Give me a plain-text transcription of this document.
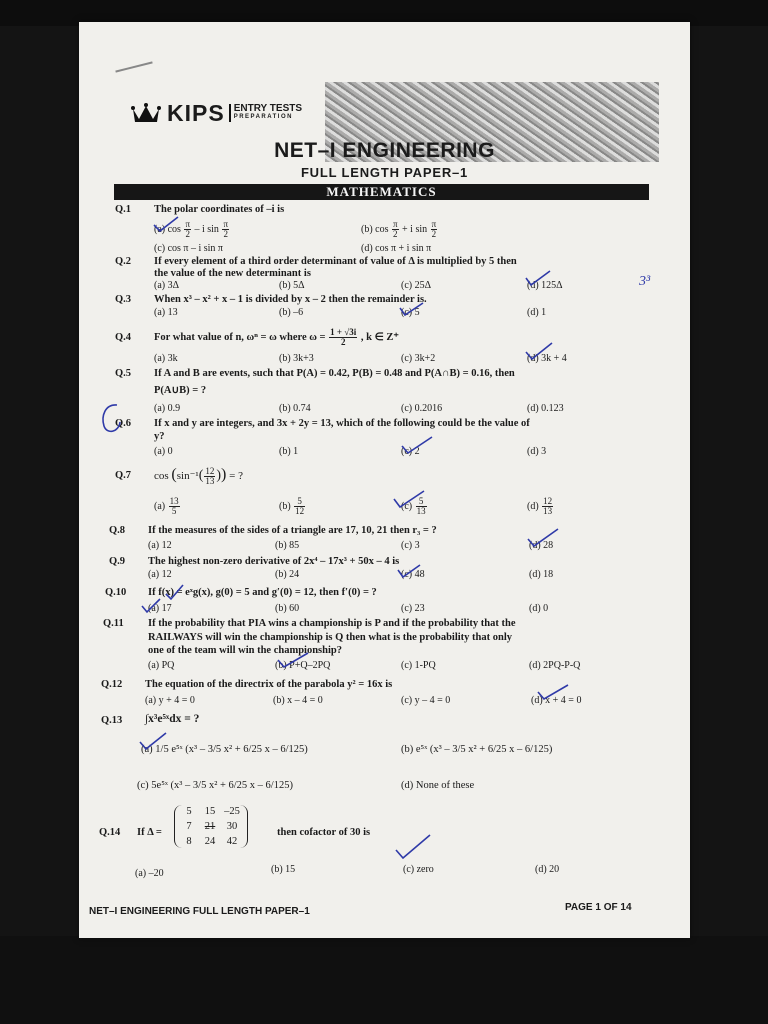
KIPS ENTRY TESTS
PREPARATION
NET–I ENGINEERING
FULL LENGTH PAPER–1
MATHEMATICS
Q.1 The polar coordinates of –i is
(a) $\cos \frac{\pi}{2}$ – i $\sin \frac{\pi}{2}$	(b) $\cos \frac{\pi}{2} + i$ $\sin \frac{\pi}{2}$
(c) cos π – i sin π	(d) cos π + i sin π
Q.2 If every element of a third order determinant of value of Δ is multiplied by 5 then
the value of the new determinant is
(a) 3Δ	(b) 5Δ	(c) 25Δ	(d) 125Δ	3³
Q.3 When x³ – x² + x – 1 is divided by x – 2 then the remainder is.
(a) 13	(b) –6	(c) 5	(d) 1
Q.4 For what value of n, ωⁿ = ω where $\omega = \frac{1 + √3i}{2}$ , k ∈ Z⁺
(a) 3k	(b) 3k+3	(c) 3k+2	(d) 3k + 4
Q.5 If A and B are events, such that P(A) = 0.42, P(B) = 0.48 and P(A∩B) = 0.16, then
P(A∪B) = ?
(a) 0.9	(b) 0.74	(c) 0.2016	(d) 0.123
Q.6 If x and y are integers, and 3x + 2y = 13, which of the following could be the value of
y?
(a) 0	(b) 1	(c) 2	(d) 3
Q.7 $\cos (\sin^{-1}( \frac{12}{13}$ )) = ?
$(a) \frac{13}{5}$	$(b) \frac{5}{12}$	$(c) \frac{5}{13}$	$(d) \frac{12}{13}$
Q.8 If the measures of the sides of a triangle are 17, 10, 21 then r₃ = ?
(a) 12	(b) 85	(c) 3	(d) 28
Q.9 The highest non-zero derivative of 2x⁴ – 17x³ + 50x – 4 is
(a) 12	(b) 24	(c) 48	(d) 18
Q.10 If f(x) = eˣg(x), g(0) = 5 and g′(0) = 12, then f′(0) = ?
(a) 17	(b) 60	(c) 23	(d) 0
Q.11 If the probability that PIA wins a championship is P and if the probability that the
RAILWAYS will win the championship is Q then what is the probability that only
one of the team will win the championship?
(a) PQ	(b) P+Q–2PQ	(c) 1-PQ	(d) 2PQ-P-Q
Q.12 The equation of the directrix of the parabola y² = 16x is
(a) y + 4 = 0	(b) x – 4 = 0	(c) y – 4 = 0	(d) x + 4 = 0
Q.13 ∫x³e⁵ˣdx = ?
(a) 1/5 e⁵ˣ (x³ – 3/5 x² + 6/25 x – 6/125)	(b) e⁵ˣ (x³ – 3/5 x² + 6/25 x – 6/125)
(c) 5e⁵ˣ (x³ – 3/5 x² + 6/25 x – 6/125)	(d) None of these
Q.14 If Δ =
5	15 –25
7	21	30
8	24	42
then cofactor of 30 is
(a) –20	(b) 15	(c) zero	(d) 20
NET–I ENGINEERING FULL LENGTH PAPER–1	PAGE 1 OF 14
